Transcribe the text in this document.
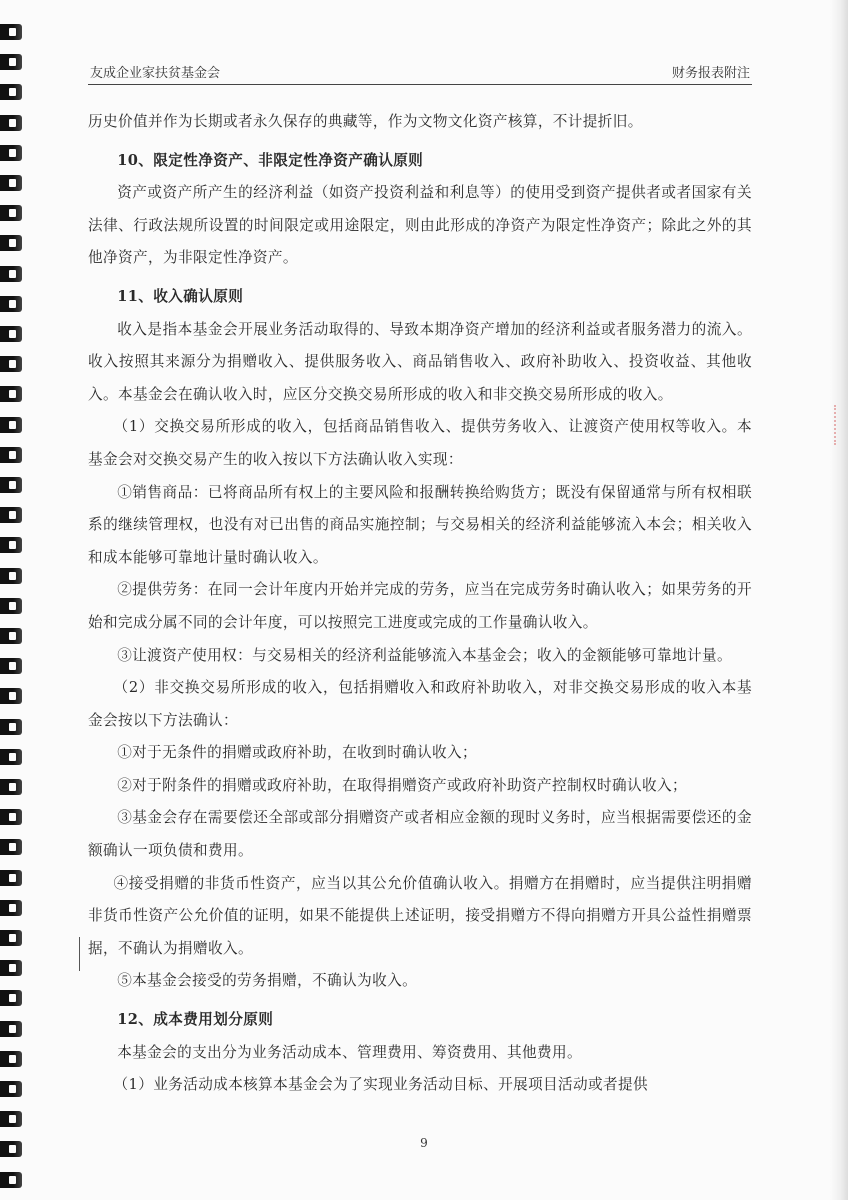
友成企业家扶贫基金会	财务报表附注

历史价值并作为长期或者永久保存的典藏等，作为文物文化资产核算，不计提折旧。

10、限定性净资产、非限定性净资产确认原则

资产或资产所产生的经济利益（如资产投资利益和利息等）的使用受到资产提供者或者国家有关法律、行政法规所设置的时间限定或用途限定，则由此形成的净资产为限定性净资产；除此之外的其他净资产，为非限定性净资产。

11、收入确认原则

收入是指本基金会开展业务活动取得的、导致本期净资产增加的经济利益或者服务潜力的流入。收入按照其来源分为捐赠收入、提供服务收入、商品销售收入、政府补助收入、投资收益、其他收入。本基金会在确认收入时，应区分交换交易所形成的收入和非交换交易所形成的收入。

（1）交换交易所形成的收入，包括商品销售收入、提供劳务收入、让渡资产使用权等收入。本基金会对交换交易产生的收入按以下方法确认收入实现：

①销售商品：已将商品所有权上的主要风险和报酬转换给购货方；既没有保留通常与所有权相联系的继续管理权，也没有对已出售的商品实施控制；与交易相关的经济利益能够流入本会；相关收入和成本能够可靠地计量时确认收入。

②提供劳务：在同一会计年度内开始并完成的劳务，应当在完成劳务时确认收入；如果劳务的开始和完成分属不同的会计年度，可以按照完工进度或完成的工作量确认收入。

③让渡资产使用权：与交易相关的经济利益能够流入本基金会；收入的金额能够可靠地计量。

（2）非交换交易所形成的收入，包括捐赠收入和政府补助收入，对非交换交易形成的收入本基金会按以下方法确认：

①对于无条件的捐赠或政府补助，在收到时确认收入；

②对于附条件的捐赠或政府补助，在取得捐赠资产或政府补助资产控制权时确认收入；

③基金会存在需要偿还全部或部分捐赠资产或者相应金额的现时义务时，应当根据需要偿还的金额确认一项负债和费用。

④接受捐赠的非货币性资产，应当以其公允价值确认收入。捐赠方在捐赠时，应当提供注明捐赠非货币性资产公允价值的证明，如果不能提供上述证明，接受捐赠方不得向捐赠方开具公益性捐赠票据，不确认为捐赠收入。

⑤本基金会接受的劳务捐赠，不确认为收入。

12、成本费用划分原则

本基金会的支出分为业务活动成本、管理费用、筹资费用、其他费用。

（1）业务活动成本核算本基金会为了实现业务活动目标、开展项目活动或者提供

9
